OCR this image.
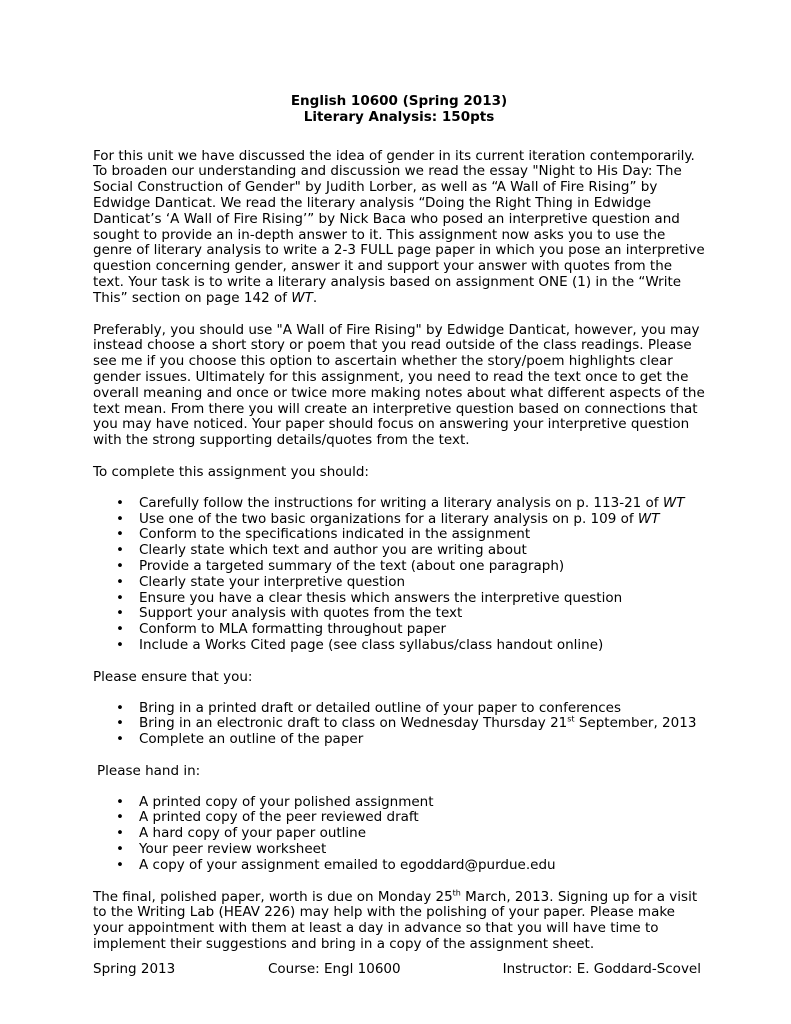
English 10600 (Spring 2013)

Literary Analysis: 150pts

For this unit we have discussed the idea of gender in its current iteration contemporarily. To broaden our understanding and discussion we read the essay "Night to His Day: The Social Construction of Gender" by Judith Lorber, as well as “A Wall of Fire Rising” by Edwidge Danticat. We read the literary analysis “Doing the Right Thing in Edwidge Danticat’s ‘A Wall of Fire Rising’” by Nick Baca who posed an interpretive question and sought to provide an in-depth answer to it. This assignment now asks you to use the genre of literary analysis to write a 2-3 FULL page paper in which you pose an interpretive question concerning gender, answer it and support your answer with quotes from the text. Your task is to write a literary analysis based on assignment ONE (1) in the “Write This” section on page 142 of WT.

Preferably, you should use "A Wall of Fire Rising" by Edwidge Danticat, however, you may instead choose a short story or poem that you read outside of the class readings. Please see me if you choose this option to ascertain whether the story/poem highlights clear gender issues. Ultimately for this assignment, you need to read the text once to get the overall meaning and once or twice more making notes about what different aspects of the text mean. From there you will create an interpretive question based on connections that you may have noticed. Your paper should focus on answering your interpretive question with the strong supporting details/quotes from the text.

To complete this assignment you should:

• Carefully follow the instructions for writing a literary analysis on p. 113-21 of WT
• Use one of the two basic organizations for a literary analysis on p. 109 of WT
• Conform to the specifications indicated in the assignment
• Clearly state which text and author you are writing about
• Provide a targeted summary of the text (about one paragraph)
• Clearly state your interpretive question
• Ensure you have a clear thesis which answers the interpretive question
• Support your analysis with quotes from the text
• Conform to MLA formatting throughout paper
• Include a Works Cited page (see class syllabus/class handout online)

Please ensure that you:

• Bring in a printed draft or detailed outline of your paper to conferences
• Bring in an electronic draft to class on Wednesday Thursday 21st September, 2013
• Complete an outline of the paper

Please hand in:

• A printed copy of your polished assignment
• A printed copy of the peer reviewed draft
• A hard copy of your paper outline
• Your peer review worksheet
• A copy of your assignment emailed to egoddard@purdue.edu

The final, polished paper, worth is due on Monday 25th March, 2013. Signing up for a visit to the Writing Lab (HEAV 226) may help with the polishing of your paper. Please make your appointment with them at least a day in advance so that you will have time to implement their suggestions and bring in a copy of the assignment sheet.

Spring 2013	Course: Engl 10600	Instructor: E. Goddard-Scovel
